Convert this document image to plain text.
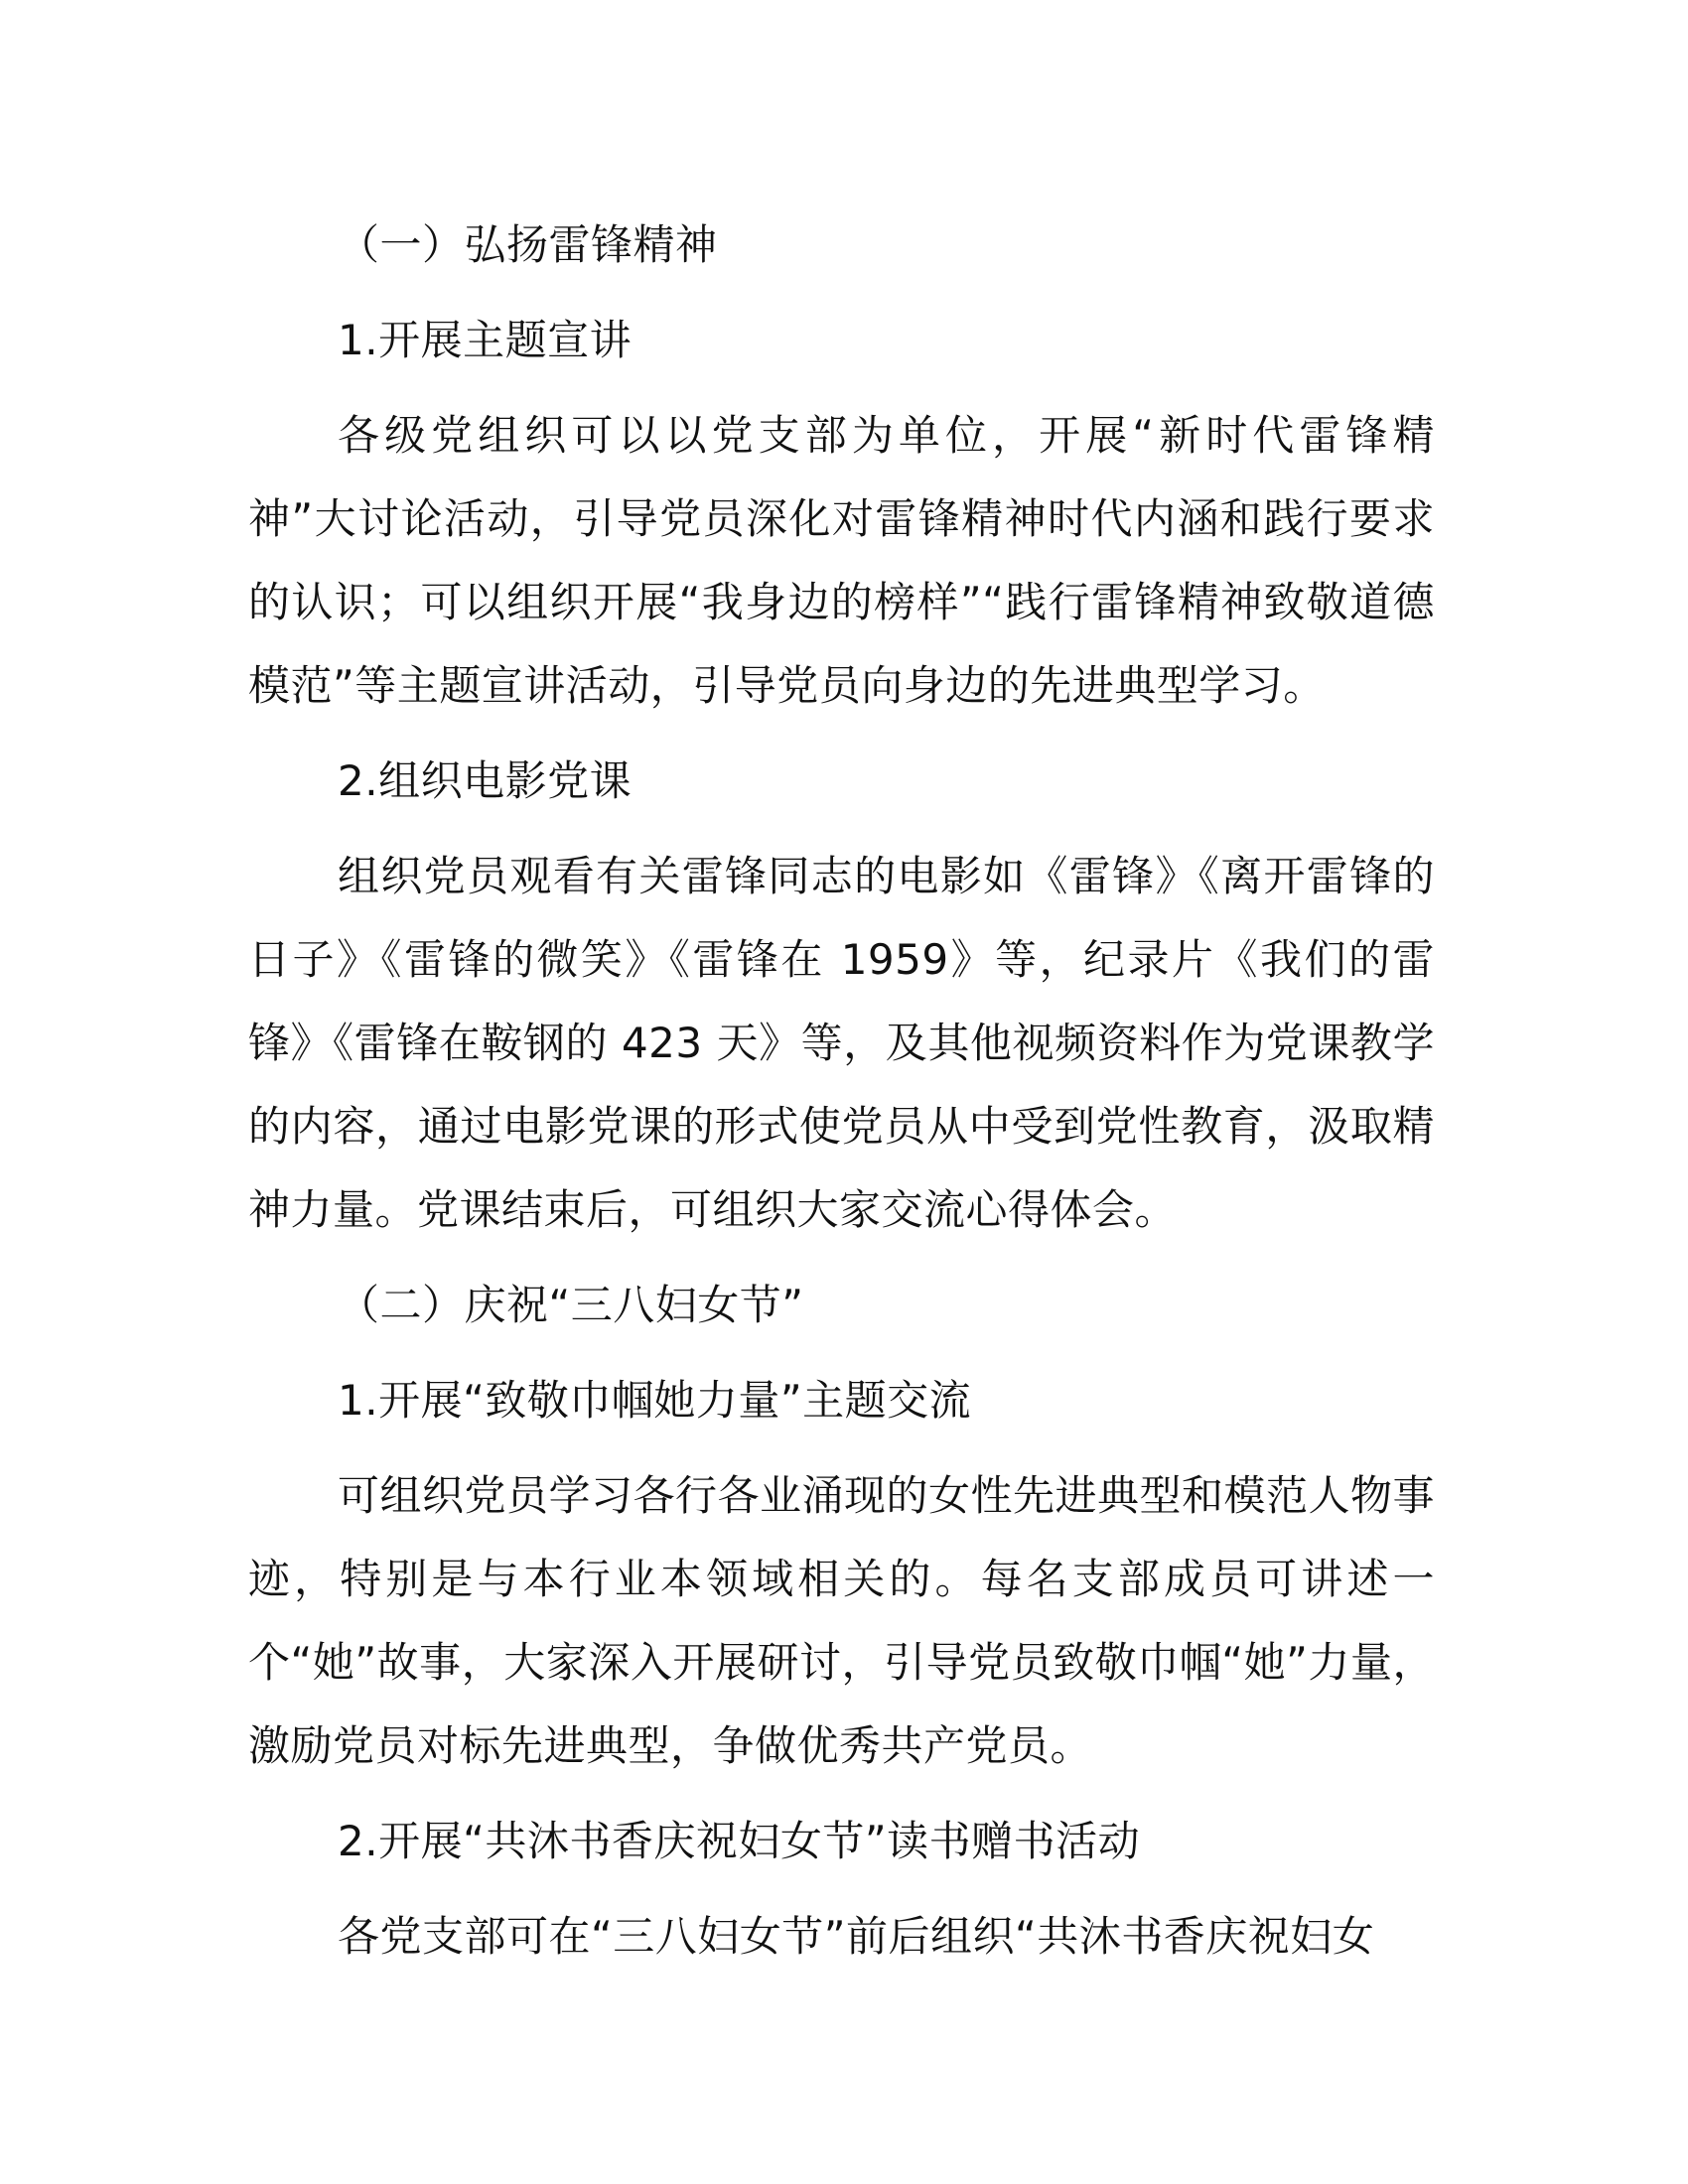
（一）弘扬雷锋精神

1.开展主题宣讲

各级党组织可以以党支部为单位，开展“新时代雷锋精神”大讨论活动，引导党员深化对雷锋精神时代内涵和践行要求的认识；可以组织开展“我身边的榜样”“践行雷锋精神致敬道德模范”等主题宣讲活动，引导党员向身边的先进典型学习。

2.组织电影党课

组织党员观看有关雷锋同志的电影如《雷锋》《离开雷锋的日子》《雷锋的微笑》《雷锋在 1959》等，纪录片《我们的雷锋》《雷锋在鞍钢的 423 天》等，及其他视频资料作为党课教学的内容，通过电影党课的形式使党员从中受到党性教育，汲取精神力量。党课结束后，可组织大家交流心得体会。

（二）庆祝“三八妇女节”

1.开展“致敬巾帼她力量”主题交流

可组织党员学习各行各业涌现的女性先进典型和模范人物事迹，特别是与本行业本领域相关的。每名支部成员可讲述一个“她”故事，大家深入开展研讨，引导党员致敬巾帼“她”力量，激励党员对标先进典型，争做优秀共产党员。

2.开展“共沐书香庆祝妇女节”读书赠书活动

各党支部可在“三八妇女节”前后组织“共沐书香庆祝妇女
